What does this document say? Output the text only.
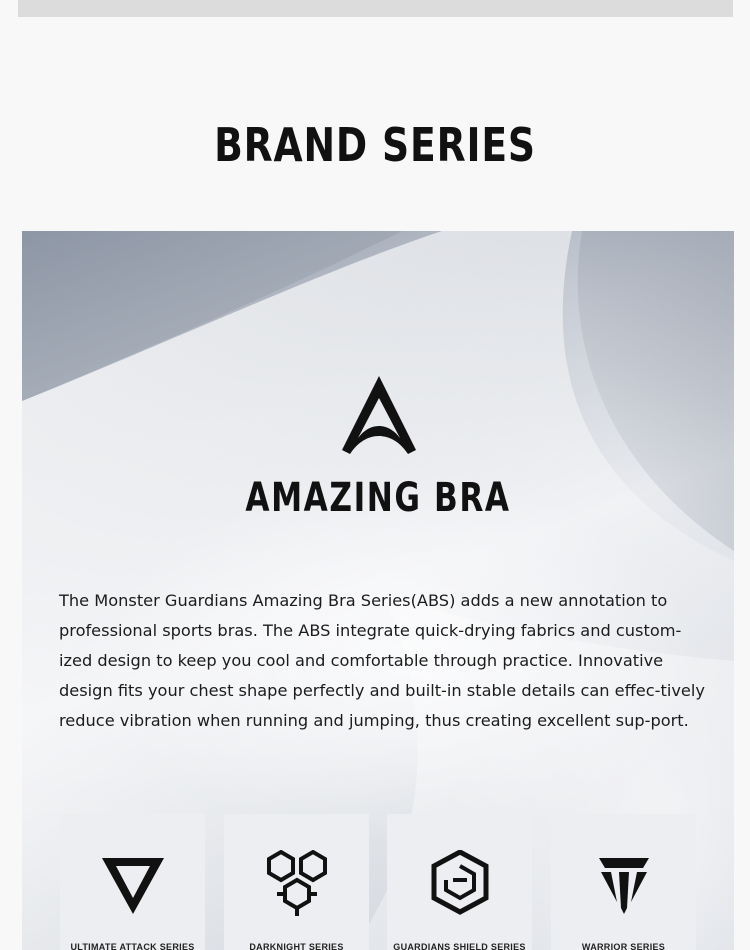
BRAND SERIES
AMAZING BRA

The Monster Guardians Amazing Bra Series(ABS) adds a new annotation to professional sports bras. The ABS integrate quick-drying fabrics and custom-ized design to keep you cool and comfortable through practice. Innovative design fits your chest shape perfectly and built-in stable details can effec-tively reduce vibration when running and jumping, thus creating excellent sup-port.

ULTIMATE ATTACK SERIES	DARKNIGHT SERIES	GUARDIANS SHIELD SERIES	WARRIOR SERIES
